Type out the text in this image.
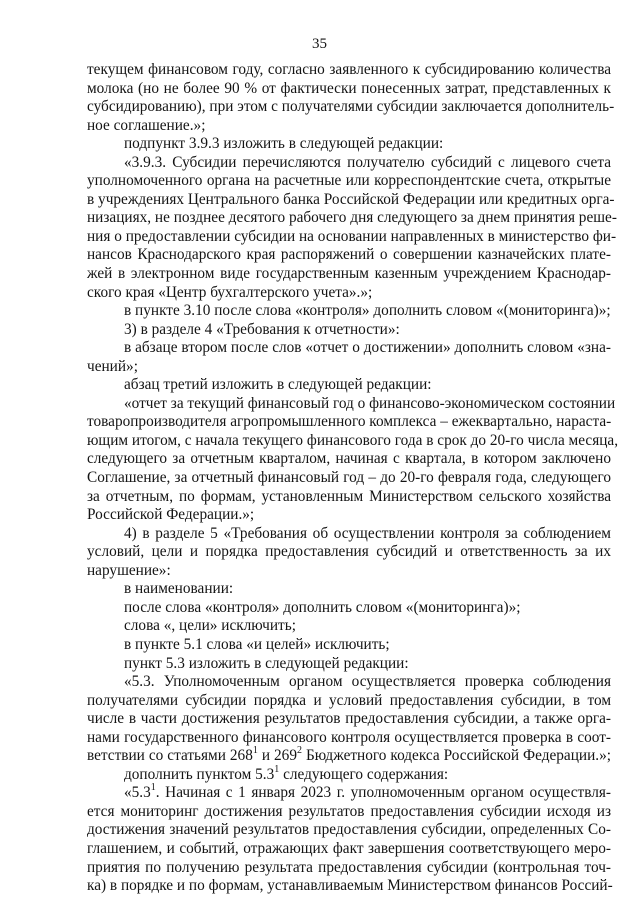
35
текущем финансовом году, согласно заявленного к субсидированию количества
молока (но не более 90 % от фактически понесенных затрат, представленных к
субсидированию), при этом с получателями субсидии заключается дополнитель-
ное соглашение.»;
подпункт 3.9.3 изложить в следующей редакции:
«3.9.3. Субсидии перечисляются получателю субсидий с лицевого счета
уполномоченного органа на расчетные или корреспондентские счета, открытые
в учреждениях Центрального банка Российской Федерации или кредитных орга-
низациях, не позднее десятого рабочего дня следующего за днем принятия реше-
ния о предоставлении субсидии на основании направленных в министерство фи-
нансов Краснодарского края распоряжений о совершении казначейских плате-
жей в электронном виде государственным казенным учреждением Краснодар-
ского края «Центр бухгалтерского учета».»;
в пункте 3.10 после слова «контроля» дополнить словом «(мониторинга)»;
3) в разделе 4 «Требования к отчетности»:
в абзаце втором после слов «отчет о достижении» дополнить словом «зна-
чений»;
абзац третий изложить в следующей редакции:
«отчет за текущий финансовый год о финансово-экономическом состоянии
товаропроизводителя агропромышленного комплекса – ежеквартально, нараста-
ющим итогом, с начала текущего финансового года в срок до 20-го числа месяца,
следующего за отчетным кварталом, начиная с квартала, в котором заключено
Соглашение, за отчетный финансовый год – до 20-го февраля года, следующего
за отчетным, по формам, установленным Министерством сельского хозяйства
Российской Федерации.»;
4) в разделе 5 «Требования об осуществлении контроля за соблюдением
условий, цели и порядка предоставления субсидий и ответственность за их
нарушение»:
в наименовании:
после слова «контроля» дополнить словом «(мониторинга)»;
слова «, цели» исключить;
в пункте 5.1 слова «и целей» исключить;
пункт 5.3 изложить в следующей редакции:
«5.3. Уполномоченным органом осуществляется проверка соблюдения
получателями субсидии порядка и условий предоставления субсидии, в том
числе в части достижения результатов предоставления субсидии, а также орга-
нами государственного финансового контроля осуществляется проверка в соот-
ветствии со статьями $268^1$ и $269^2$ Бюджетного кодекса Российской Федерации.»;
дополнить пунктом $5.3^1$ следующего содержания:
«$5.3^1$. Начиная с 1 января 2023 г. уполномоченным органом осуществля-
ется мониторинг достижения результатов предоставления субсидии исходя из
достижения значений результатов предоставления субсидии, определенных Со-
глашением, и событий, отражающих факт завершения соответствующего меро-
приятия по получению результата предоставления субсидии (контрольная точ-
ка) в порядке и по формам, устанавливаемым Министерством финансов Россий-
